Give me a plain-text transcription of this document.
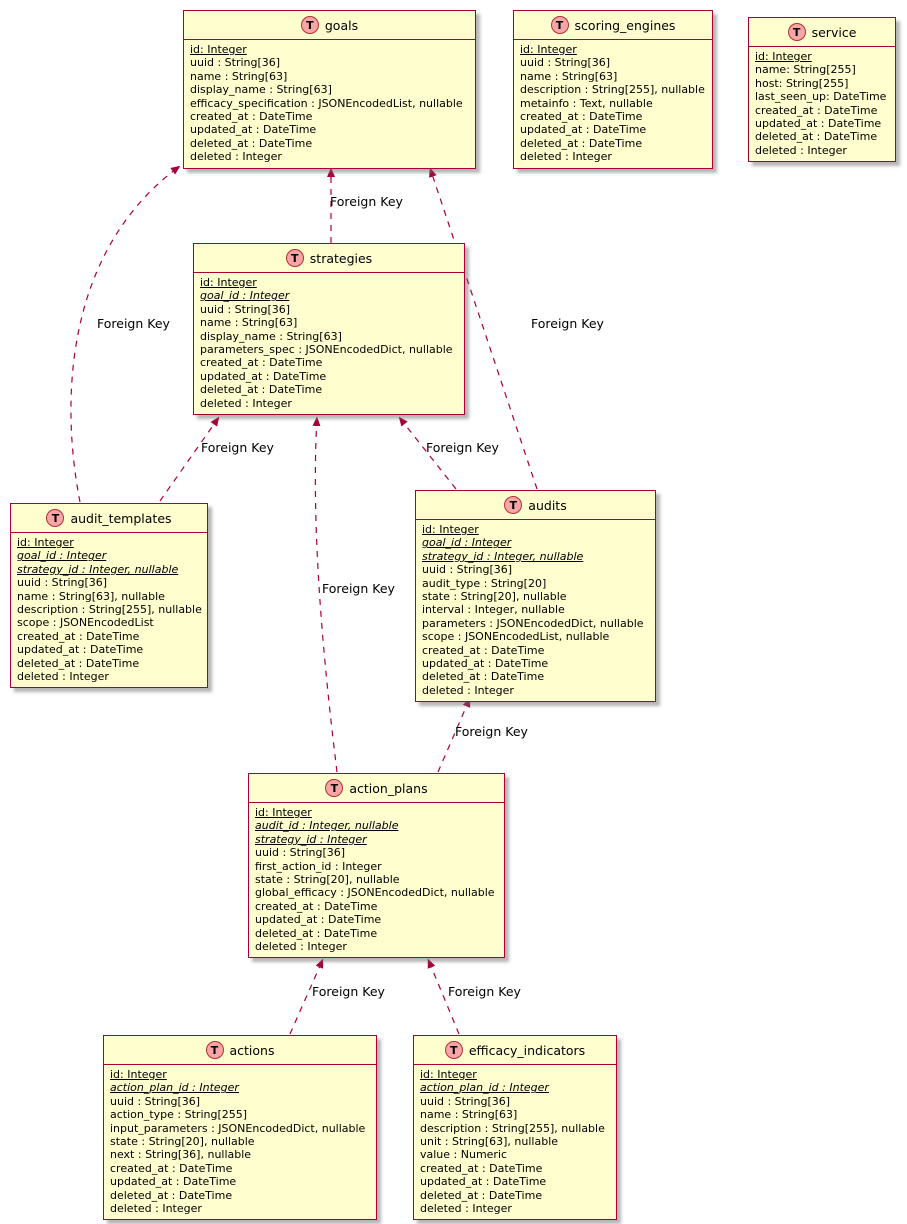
Foreign Key
Foreign Key	Foreign Key
Foreign Key	Foreign Key
Foreign Key
Foreign Key
Foreign Key	Foreign Key
T goals
id: Integer
uuid : String[36]
name : String[63]
display_name : String[63]
efficacy_specification : JSONEncodedList, nullable
created_at : DateTime
updated_at : DateTime
deleted_at : DateTime
deleted : Integer
T scoring_engines
id: Integer
uuid : String[36]
name : String[63]
description : String[255], nullable
metainfo : Text, nullable
created_at : DateTime
updated_at : DateTime
deleted_at : DateTime
deleted : Integer
T service
id: Integer
name: String[255]
host: String[255]
last_seen_up: DateTime
created_at : DateTime
updated_at : DateTime
deleted_at : DateTime
deleted : Integer
T strategies
id: Integer
goal_id : Integer
uuid : String[36]
name : String[63]
display_name : String[63]
parameters_spec : JSONEncodedDict, nullable
created_at : DateTime
updated_at : DateTime
deleted_at : DateTime
deleted : Integer
T audit_templates
id: Integer
goal_id : Integer
strategy_id : Integer, nullable
uuid : String[36]
name : String[63], nullable
description : String[255], nullable
scope : JSONEncodedList
created_at : DateTime
updated_at : DateTime
deleted_at : DateTime
deleted : Integer
T audits
id: Integer
goal_id : Integer
strategy_id : Integer, nullable
uuid : String[36]
audit_type : String[20]
state : String[20], nullable
interval : Integer, nullable
parameters : JSONEncodedDict, nullable
scope : JSONEncodedList, nullable
created_at : DateTime
updated_at : DateTime
deleted_at : DateTime
deleted : Integer
T action_plans
id: Integer
audit_id : Integer, nullable
strategy_id : Integer
uuid : String[36]
first_action_id : Integer
state : String[20], nullable
global_efficacy : JSONEncodedDict, nullable
created_at : DateTime
updated_at : DateTime
deleted_at : DateTime
deleted : Integer
T actions
id: Integer
action_plan_id : Integer
uuid : String[36]
action_type : String[255]
input_parameters : JSONEncodedDict, nullable
state : String[20], nullable
next : String[36], nullable
created_at : DateTime
updated_at : DateTime
deleted_at : DateTime
deleted : Integer
T efficacy_indicators
id: Integer
action_plan_id : Integer
uuid : String[36]
name : String[63]
description : String[255], nullable
unit : String[63], nullable
value : Numeric
created_at : DateTime
updated_at : DateTime
deleted_at : DateTime
deleted : Integer
